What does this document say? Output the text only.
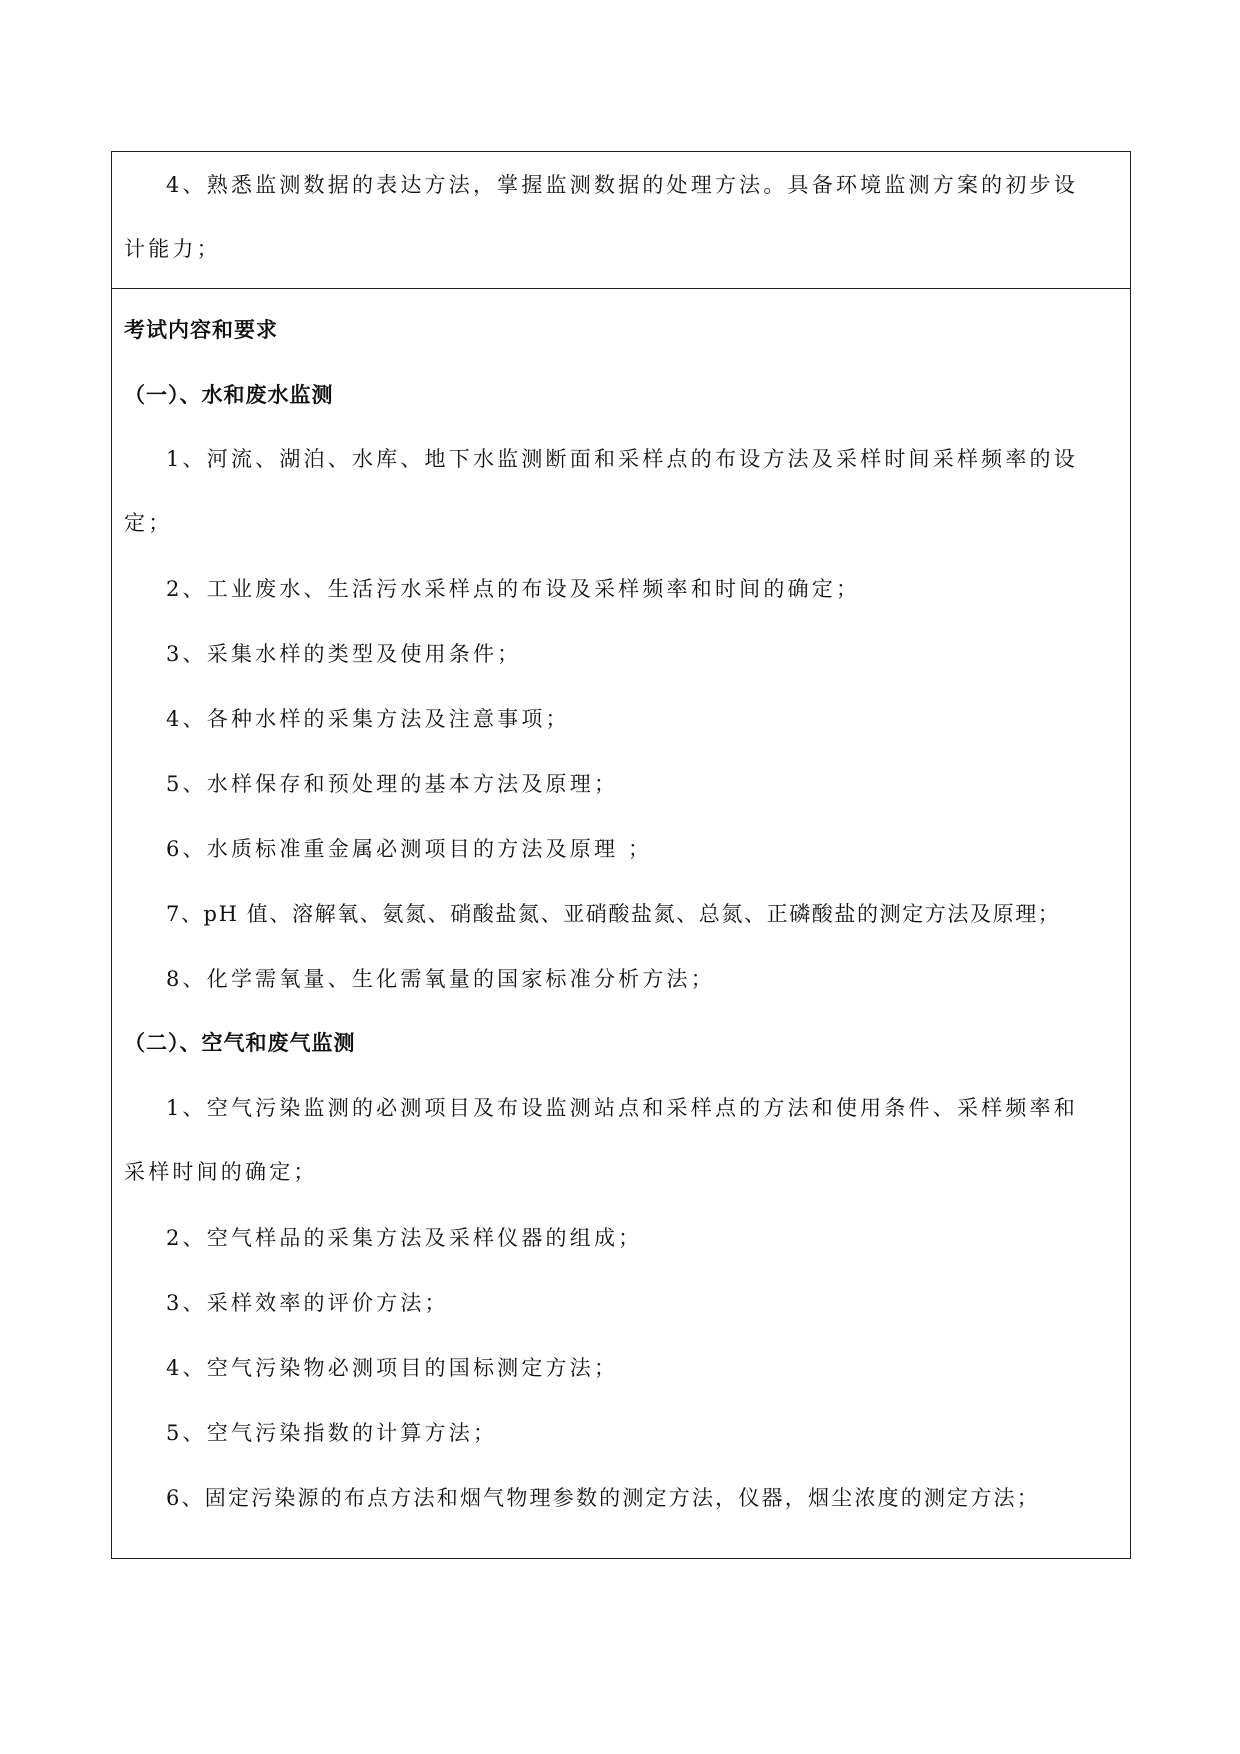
4、熟悉监测数据的表达方法，掌握监测数据的处理方法。具备环境监测方案的初步设
计能力；
考试内容和要求
（一）、水和废水监测
1、河流、湖泊、水库、地下水监测断面和采样点的布设方法及采样时间采样频率的设
定；
2、工业废水、生活污水采样点的布设及采样频率和时间的确定；
3、采集水样的类型及使用条件；
4、各种水样的采集方法及注意事项；
5、水样保存和预处理的基本方法及原理；
6、水质标准重金属必测项目的方法及原理 ；
7、pH 值、溶解氧、氨氮、硝酸盐氮、亚硝酸盐氮、总氮、正磷酸盐的测定方法及原理；
8、化学需氧量、生化需氧量的国家标准分析方法；
（二）、空气和废气监测
1、空气污染监测的必测项目及布设监测站点和采样点的方法和使用条件、采样频率和
采样时间的确定；
2、空气样品的采集方法及采样仪器的组成；
3、采样效率的评价方法；
4、空气污染物必测项目的国标测定方法；
5、空气污染指数的计算方法；
6、固定污染源的布点方法和烟气物理参数的测定方法，仪器，烟尘浓度的测定方法；
